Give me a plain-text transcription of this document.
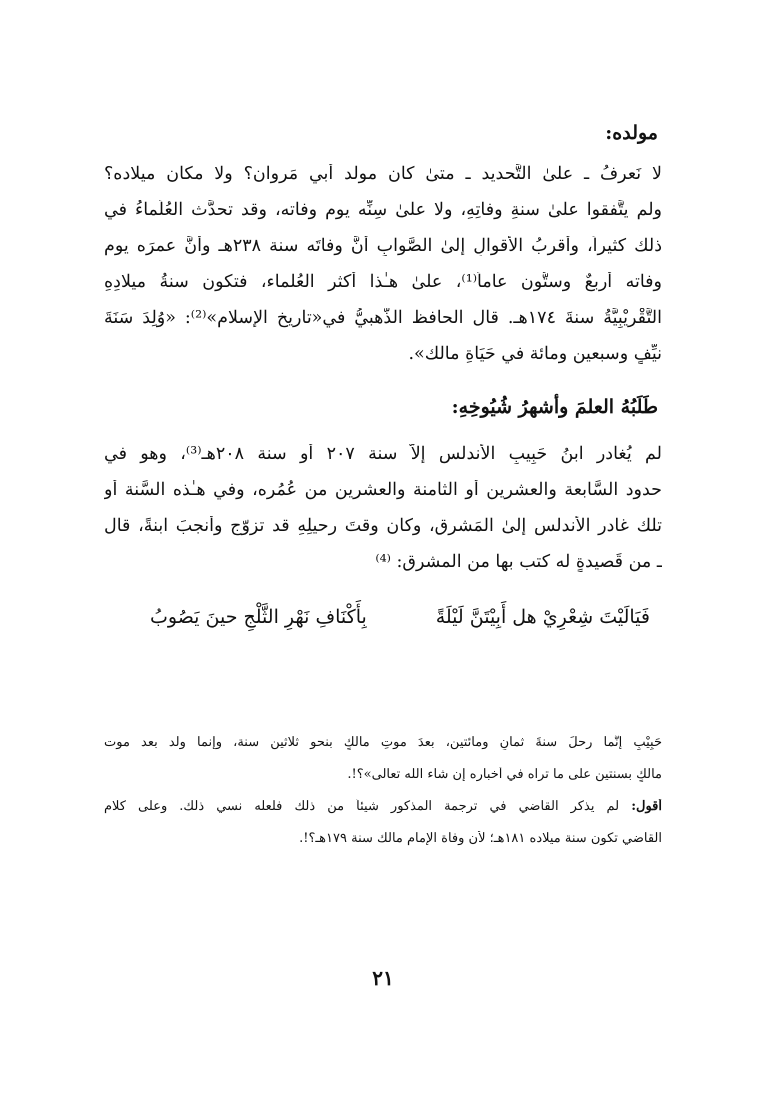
مولده:
لا نَعرفُ ـ علىٰ التَّحديد ـ متىٰ كان مولد أَبي مَروان؟ ولا مكان ميلاده؟
ولم يتَّفقوا علىٰ سنةِ وفاتِهِ، ولا علىٰ سِنِّه يوم وفاته، وقد تحدَّث العُلَماءُ في
ذلك كثيراً، وأقربُ الأقوالِ إلىٰ الصَّوابِ أنَّ وفاتَه سنة ٢٣٨هـ وأنَّ عمرَه يوم
وفاته أربعٌ وستُّون عاماً⁽¹⁾، علىٰ هـٰذا أكثر العُلماء، فتكون سنةُ ميلادِهِ
التَّقْرِيْبِيَّةُ سنةَ ١٧٤هـ. قال الحافظ الذَّهبيُّ في«تاريخ الإسلام»⁽²⁾: «وُلِدَ سَنَةَ
نيِّفٍ وسبعين ومائة في حَيَاةِ مالك».
طَلَبُهُ العلمَ وأشهرُ شُيُوخِهِ:
لم يُغادر ابنُ حَبِيبٍ الأندلس إلاَّ سنة ٢٠٧ أو سنة ٢٠٨هـ⁽³⁾، وهو في
حدود السَّابعة والعشرين أو الثامنة والعشرين من عُمُرِه، وفي هـٰذه السَّنة أو
تلك غادر الأندلس إلىٰ المَشرق، وكان وقتَ رحيلِهِ قد تزوّج وأنجبَ ابنةً، قال
ـ من قَصيدةٍ له كتب بها من المشرق: ⁽⁴⁾
فَيَالَيْتَ شِعْرِيْ هل أَبِيْتَنَّ لَيْلَةً
بِأَكْنَافِ نَهْرِ الثَّلْجِ حينَ يَصُوبُ
حَبِيْبٍ إنَّما رحلَ سنةَ ثمانٍ ومائتين، بعدَ موتِ مالكٍ بنحو ثلاثين سنة، وإنما ولد بعد موت
مالكٍ بسنتين على ما تراه في أخباره إن شاء الله تعالى»؟!.
أقول: لم يذكر القاضي في ترجمة المذكور شيئاً من ذلك فلعله نسي ذلك. وعلى كلام
القاضي تكون سنة ميلاده ١٨١هـ؛ لأن وفاة الإمام مالك سنة ١٧٩هـ؟!.
٢١
